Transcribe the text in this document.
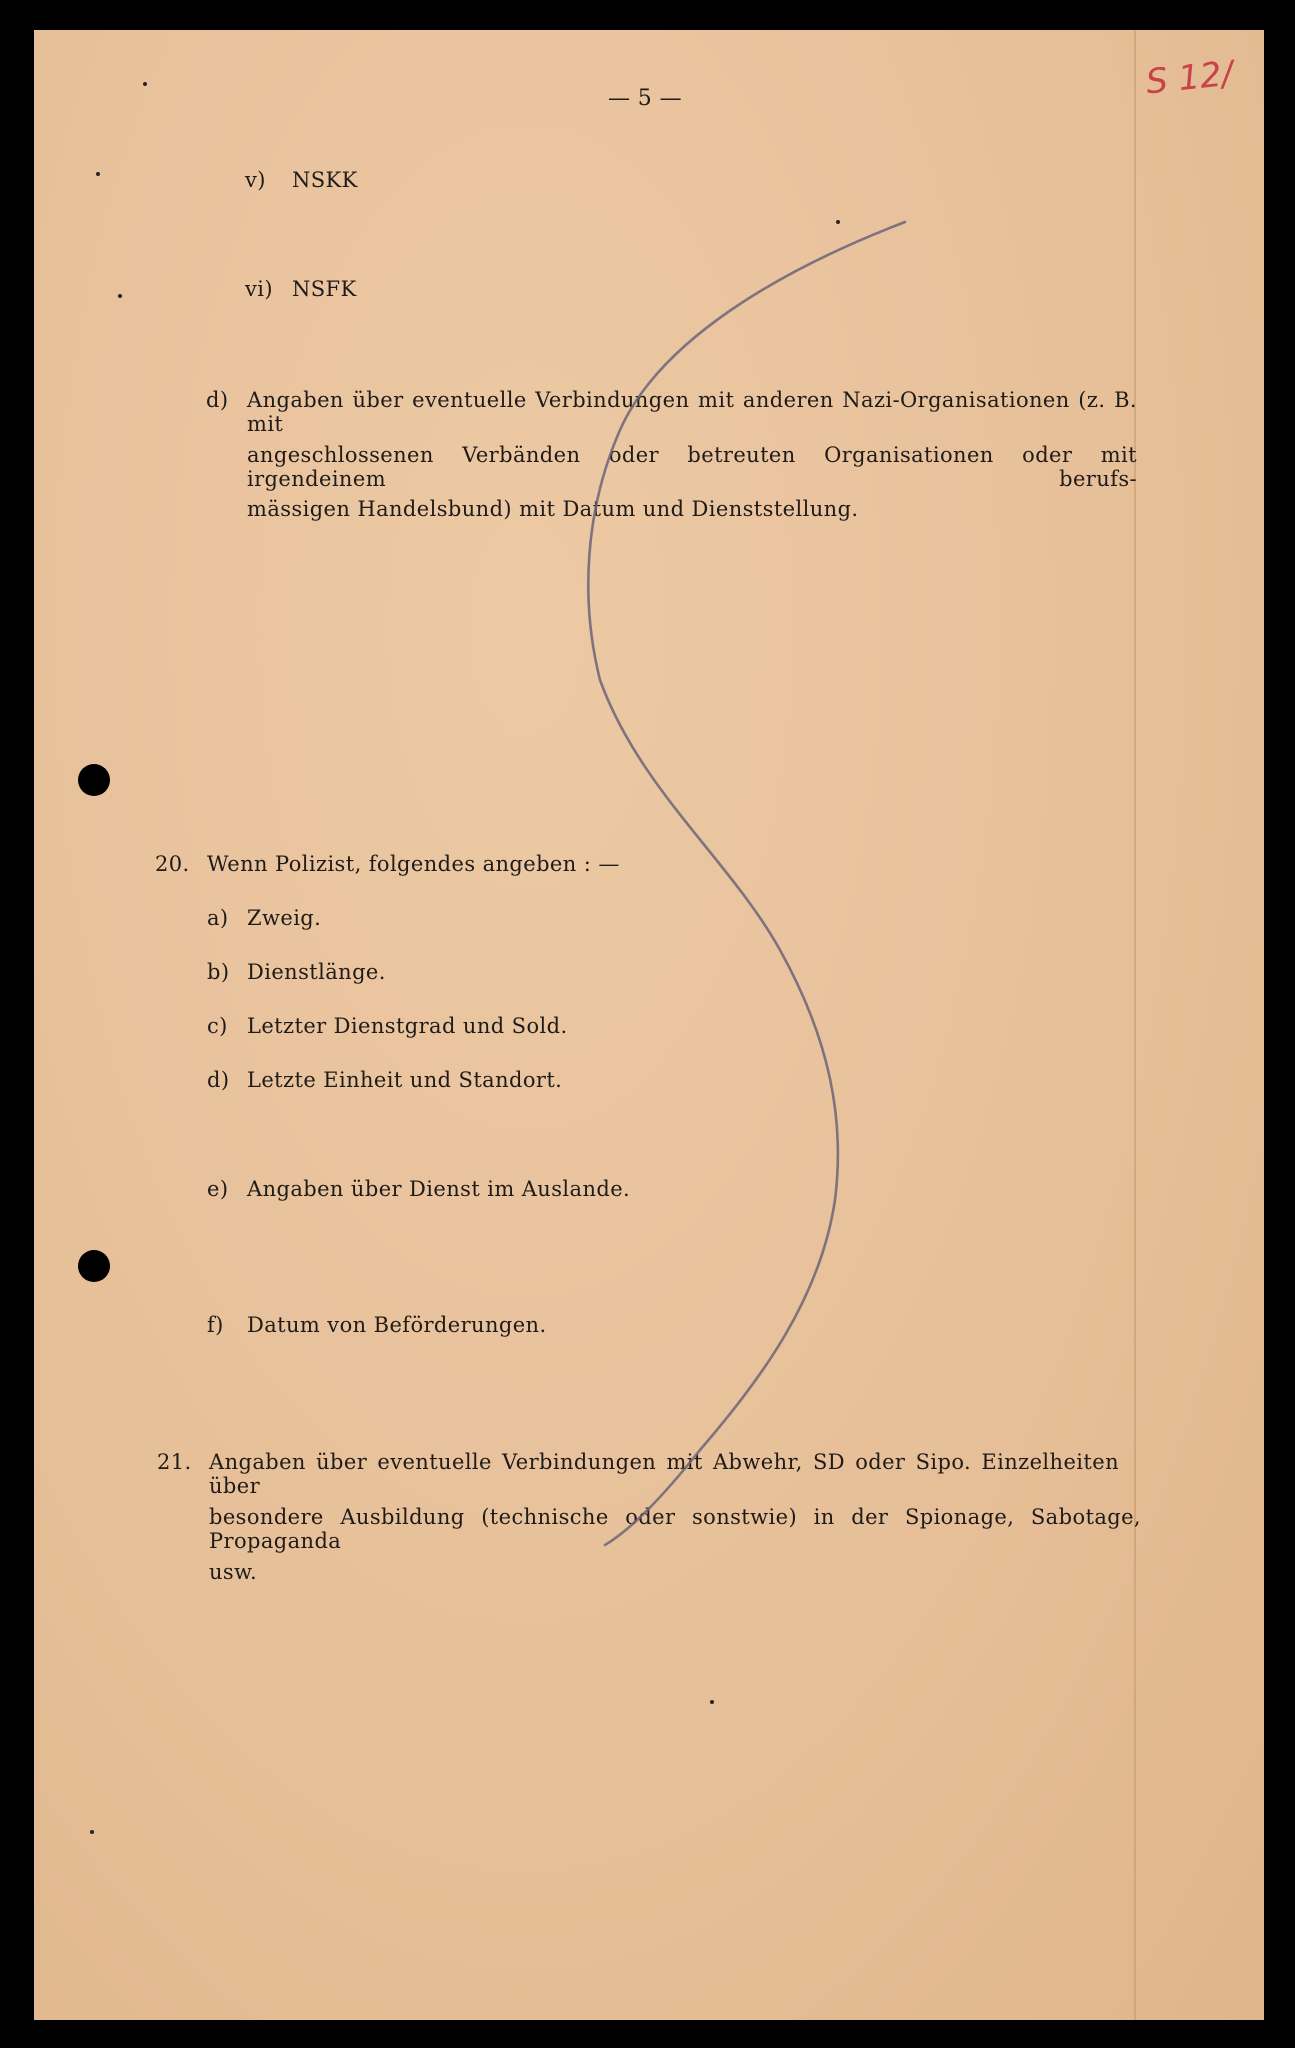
S 12/
— 5 —
v) NSKK
vi) NSFK
d) Angaben über eventuelle Verbindungen mit anderen Nazi-Organisationen (z. B. mit
angeschlossenen Verbänden oder betreuten Organisationen oder mit irgendeinem berufs-
mässigen Handelsbund) mit Datum und Dienststellung.
20. Wenn Polizist, folgendes angeben : —
a) Zweig.
b) Dienstlänge.
c) Letzter Dienstgrad und Sold.
d) Letzte Einheit und Standort.
e) Angaben über Dienst im Auslande.
f) Datum von Beförderungen.
21. Angaben über eventuelle Verbindungen mit Abwehr, SD oder Sipo. Einzelheiten über
besondere Ausbildung (technische oder sonstwie) in der Spionage, Sabotage, Propaganda
usw.
